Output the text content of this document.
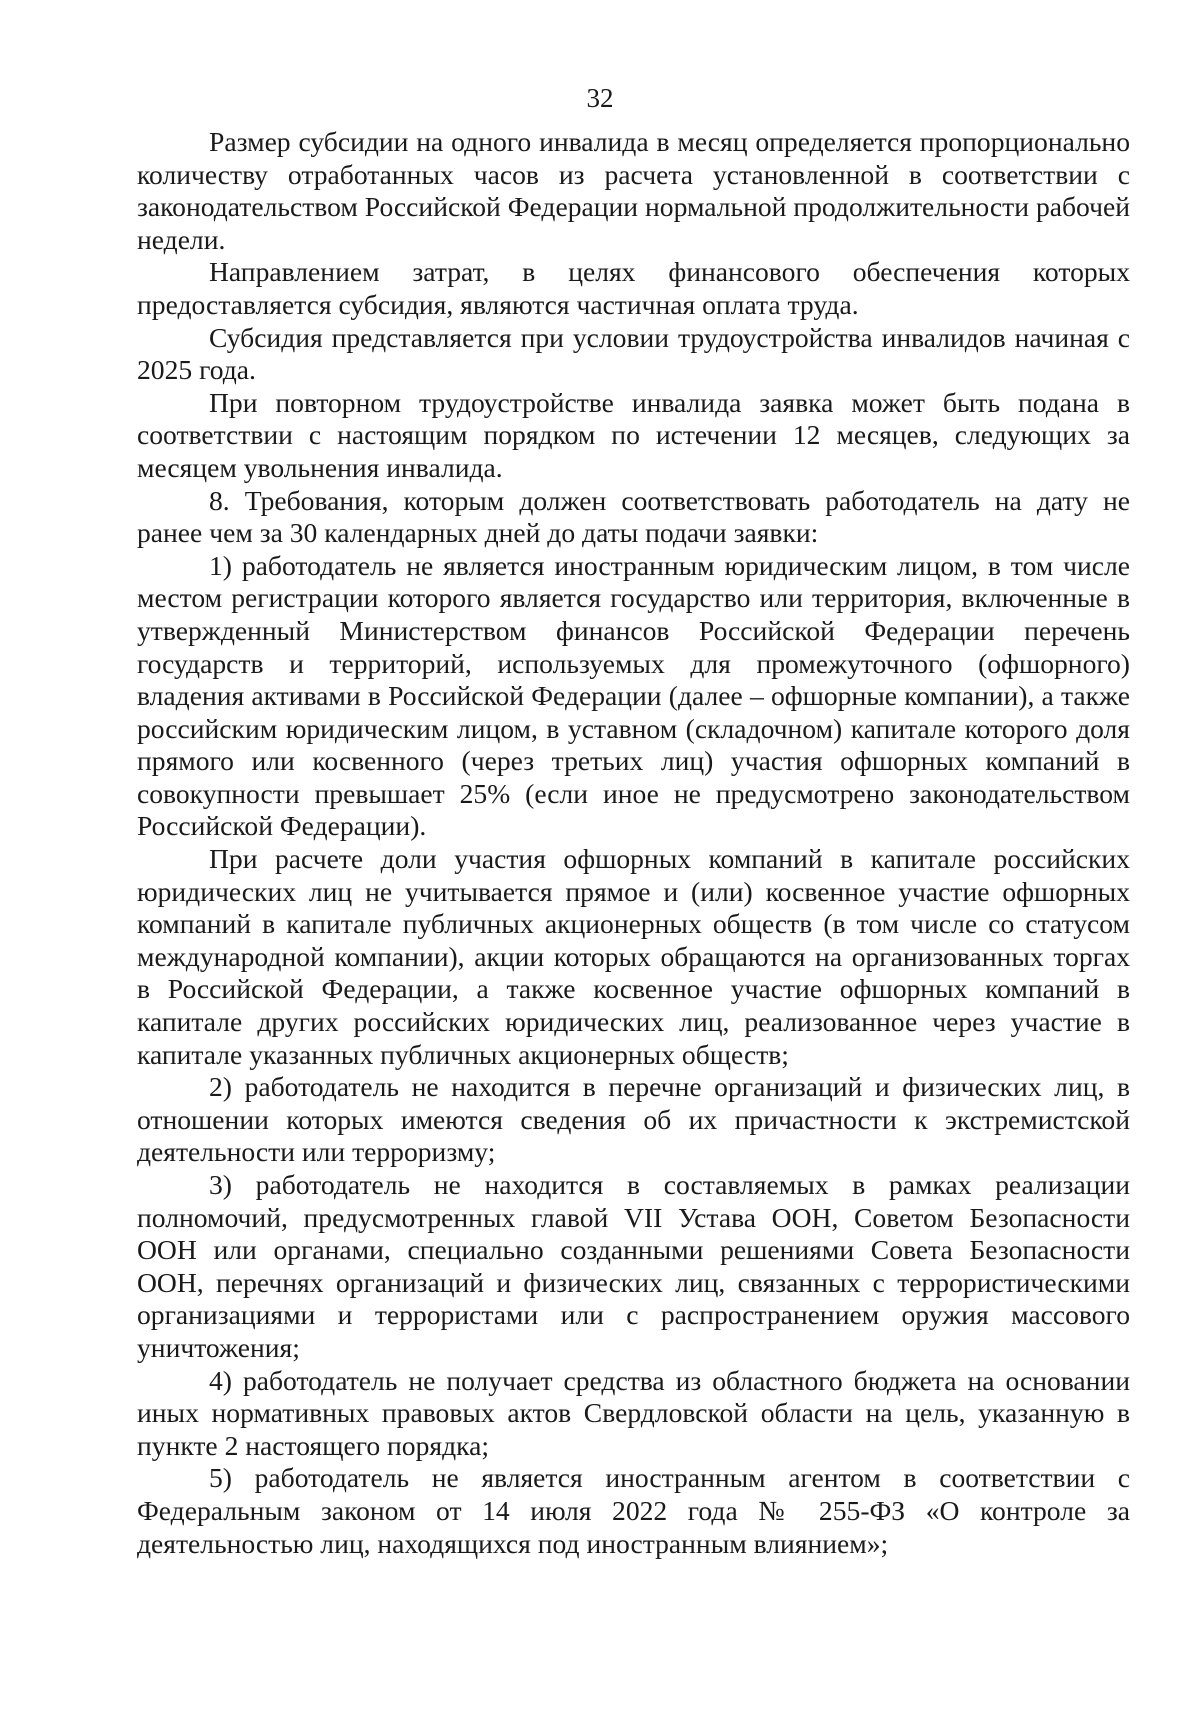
32

Размер субсидии на одного инвалида в месяц определяется пропорционально количеству отработанных часов из расчета установленной в соответствии с законодательством Российской Федерации нормальной продолжительности рабочей недели.

Направлением затрат, в целях финансового обеспечения которых предоставляется субсидия, являются частичная оплата труда.

Субсидия представляется при условии трудоустройства инвалидов начиная с 2025 года.

При повторном трудоустройстве инвалида заявка может быть подана в соответствии с настоящим порядком по истечении 12 месяцев, следующих за месяцем увольнения инвалида.

8. Требования, которым должен соответствовать работодатель на дату не ранее чем за 30 календарных дней до даты подачи заявки:

1) работодатель не является иностранным юридическим лицом, в том числе местом регистрации которого является государство или территория, включенные в утвержденный Министерством финансов Российской Федерации перечень государств и территорий, используемых для промежуточного (офшорного) владения активами в Российской Федерации (далее – офшорные компании), а также российским юридическим лицом, в уставном (складочном) капитале которого доля прямого или косвенного (через третьих лиц) участия офшорных компаний в совокупности превышает 25% (если иное не предусмотрено законодательством Российской Федерации).

При расчете доли участия офшорных компаний в капитале российских юридических лиц не учитывается прямое и (или) косвенное участие офшорных компаний в капитале публичных акционерных обществ (в том числе со статусом международной компании), акции которых обращаются на организованных торгах в Российской Федерации, а также косвенное участие офшорных компаний в капитале других российских юридических лиц, реализованное через участие в капитале указанных публичных акционерных обществ;

2) работодатель не находится в перечне организаций и физических лиц, в отношении которых имеются сведения об их причастности к экстремистской деятельности или терроризму;

3) работодатель не находится в составляемых в рамках реализации полномочий, предусмотренных главой VII Устава ООН, Советом Безопасности ООН или органами, специально созданными решениями Совета Безопасности ООН, перечнях организаций и физических лиц, связанных с террористическими организациями и террористами или с распространением оружия массового уничтожения;

4) работодатель не получает средства из областного бюджета на основании иных нормативных правовых актов Свердловской области на цель, указанную в пункте 2 настоящего порядка;

5) работодатель не является иностранным агентом в соответствии с Федеральным законом от 14 июля 2022 года № 255-ФЗ «О контроле за деятельностью лиц, находящихся под иностранным влиянием»;
